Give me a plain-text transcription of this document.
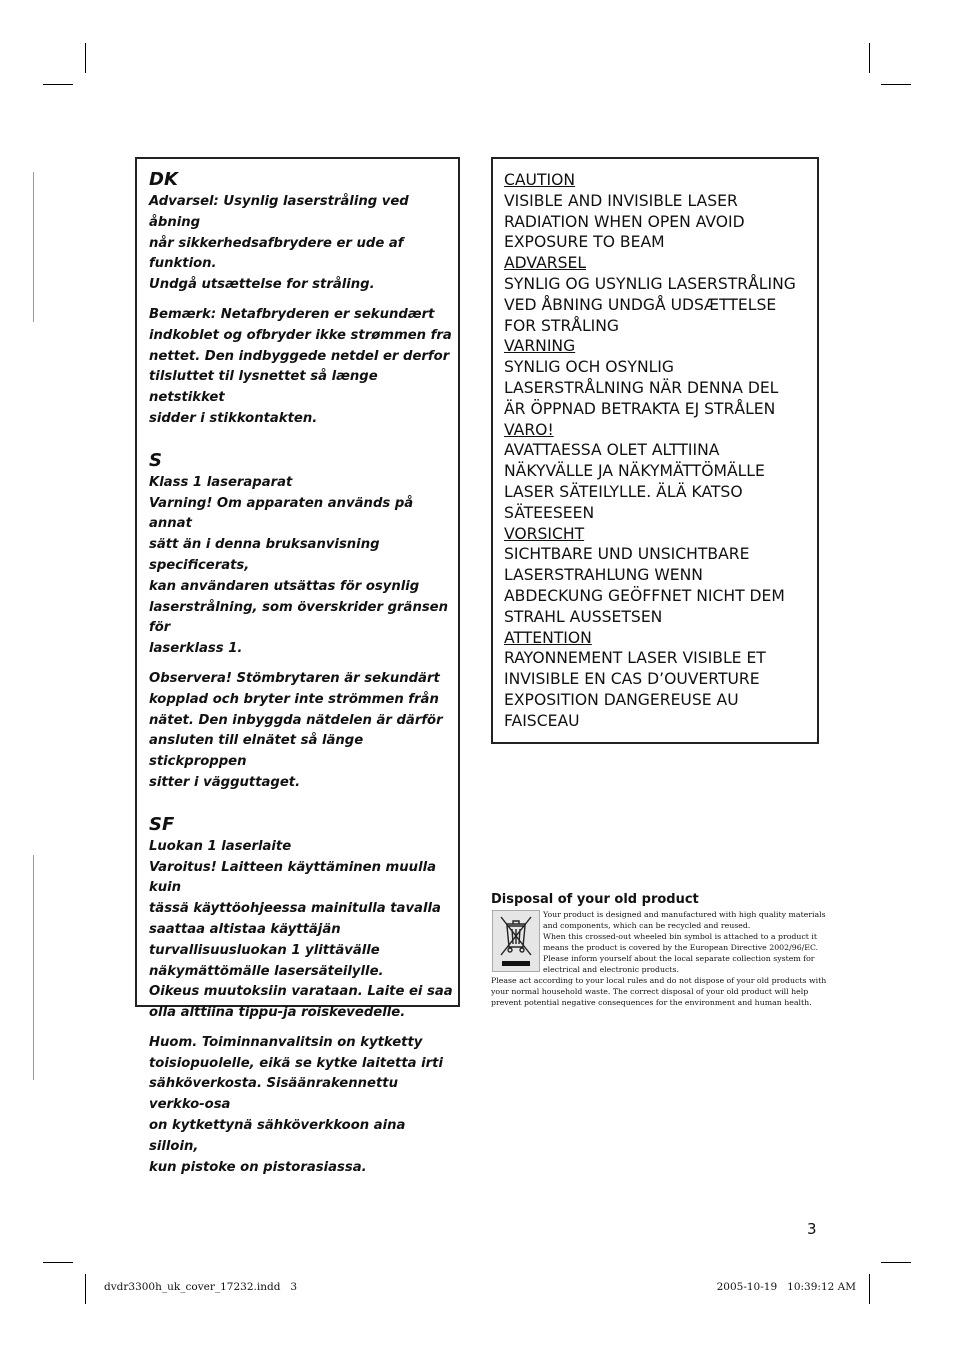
DK

Advarsel: Usynlig laserstråling ved åbning
når sikkerhedsafbrydere er ude af funktion.
Undgå utsættelse for stråling.

Bemærk: Netafbryderen er sekundært
indkoblet og ofbryder ikke strømmen fra
nettet. Den indbyggede netdel er derfor
tilsluttet til lysnettet så længe netstikket
sidder i stikkontakten.

S

Klass 1 laseraparat
Varning! Om apparaten används på annat
sätt än i denna bruksanvisning specificerats,
kan användaren utsättas för osynlig
laserstrålning, som överskrider gränsen för
laserklass 1.

Observera! Stömbrytaren är sekundärt
kopplad och bryter inte strömmen från
nätet. Den inbyggda nätdelen är därför
ansluten till elnätet så länge stickproppen
sitter i vägguttaget.

SF

Luokan 1 laserlaite
Varoitus! Laitteen käyttäminen muulla kuin
tässä käyttöohjeessa mainitulla tavalla
saattaa altistaa käyttäjän
turvallisuusluokan 1 ylittävälle
näkymättömälle lasersäteilylle.
Oikeus muutoksiin varataan. Laite ei saa
olla alttiina tippu-ja roiskevedelle.

Huom. Toiminnanvalitsin on kytketty
toisiopuolelle, eikä se kytke laitetta irti
sähköverkosta. Sisäänrakennettu verkko-osa
on kytkettynä sähköverkkoon aina silloin,
kun pistoke on pistorasiassa.

CAUTION
VISIBLE AND INVISIBLE LASER
RADIATION WHEN OPEN AVOID
EXPOSURE TO BEAM
ADVARSEL
SYNLIG OG USYNLIG LASERSTRÅLING
VED ÅBNING UNDGÅ UDSÆTTELSE
FOR STRÅLING
VARNING
SYNLIG OCH OSYNLIG
LASERSTRÅLNING NÄR DENNA DEL
ÄR ÖPPNAD BETRAKTA EJ STRÅLEN
VARO!
AVATTAESSA OLET ALTTIINA
NÄKYVÄLLE JA NÄKYMÄTTÖMÄLLE
LASER SÄTEILYLLE. ÄLÄ KATSO
SÄTEESEEN
VORSICHT
SICHTBARE UND UNSICHTBARE
LASERSTRAHLUNG WENN
ABDECKUNG GEÖFFNET NICHT DEM
STRAHL AUSSETSEN
ATTENTION
RAYONNEMENT LASER VISIBLE ET
INVISIBLE EN CAS D’OUVERTURE
EXPOSITION DANGEREUSE AU
FAISCEAU
Disposal of your old product
Your product is designed and manufactured with high quality materials
and components, which can be recycled and reused.
When this crossed-out wheeled bin symbol is attached to a product it
means the product is covered by the European Directive 2002/96/EC.
Please inform yourself about the local separate collection system for
electrical and electronic products.
Please act according to your local rules and do not dispose of your old products with
your normal household waste. The correct disposal of your old product will help
prevent potential negative consequences for the environment and human health.
3
dvdr3300h_uk_cover_17232.indd   3	2005-10-19   10:39:12 AM
